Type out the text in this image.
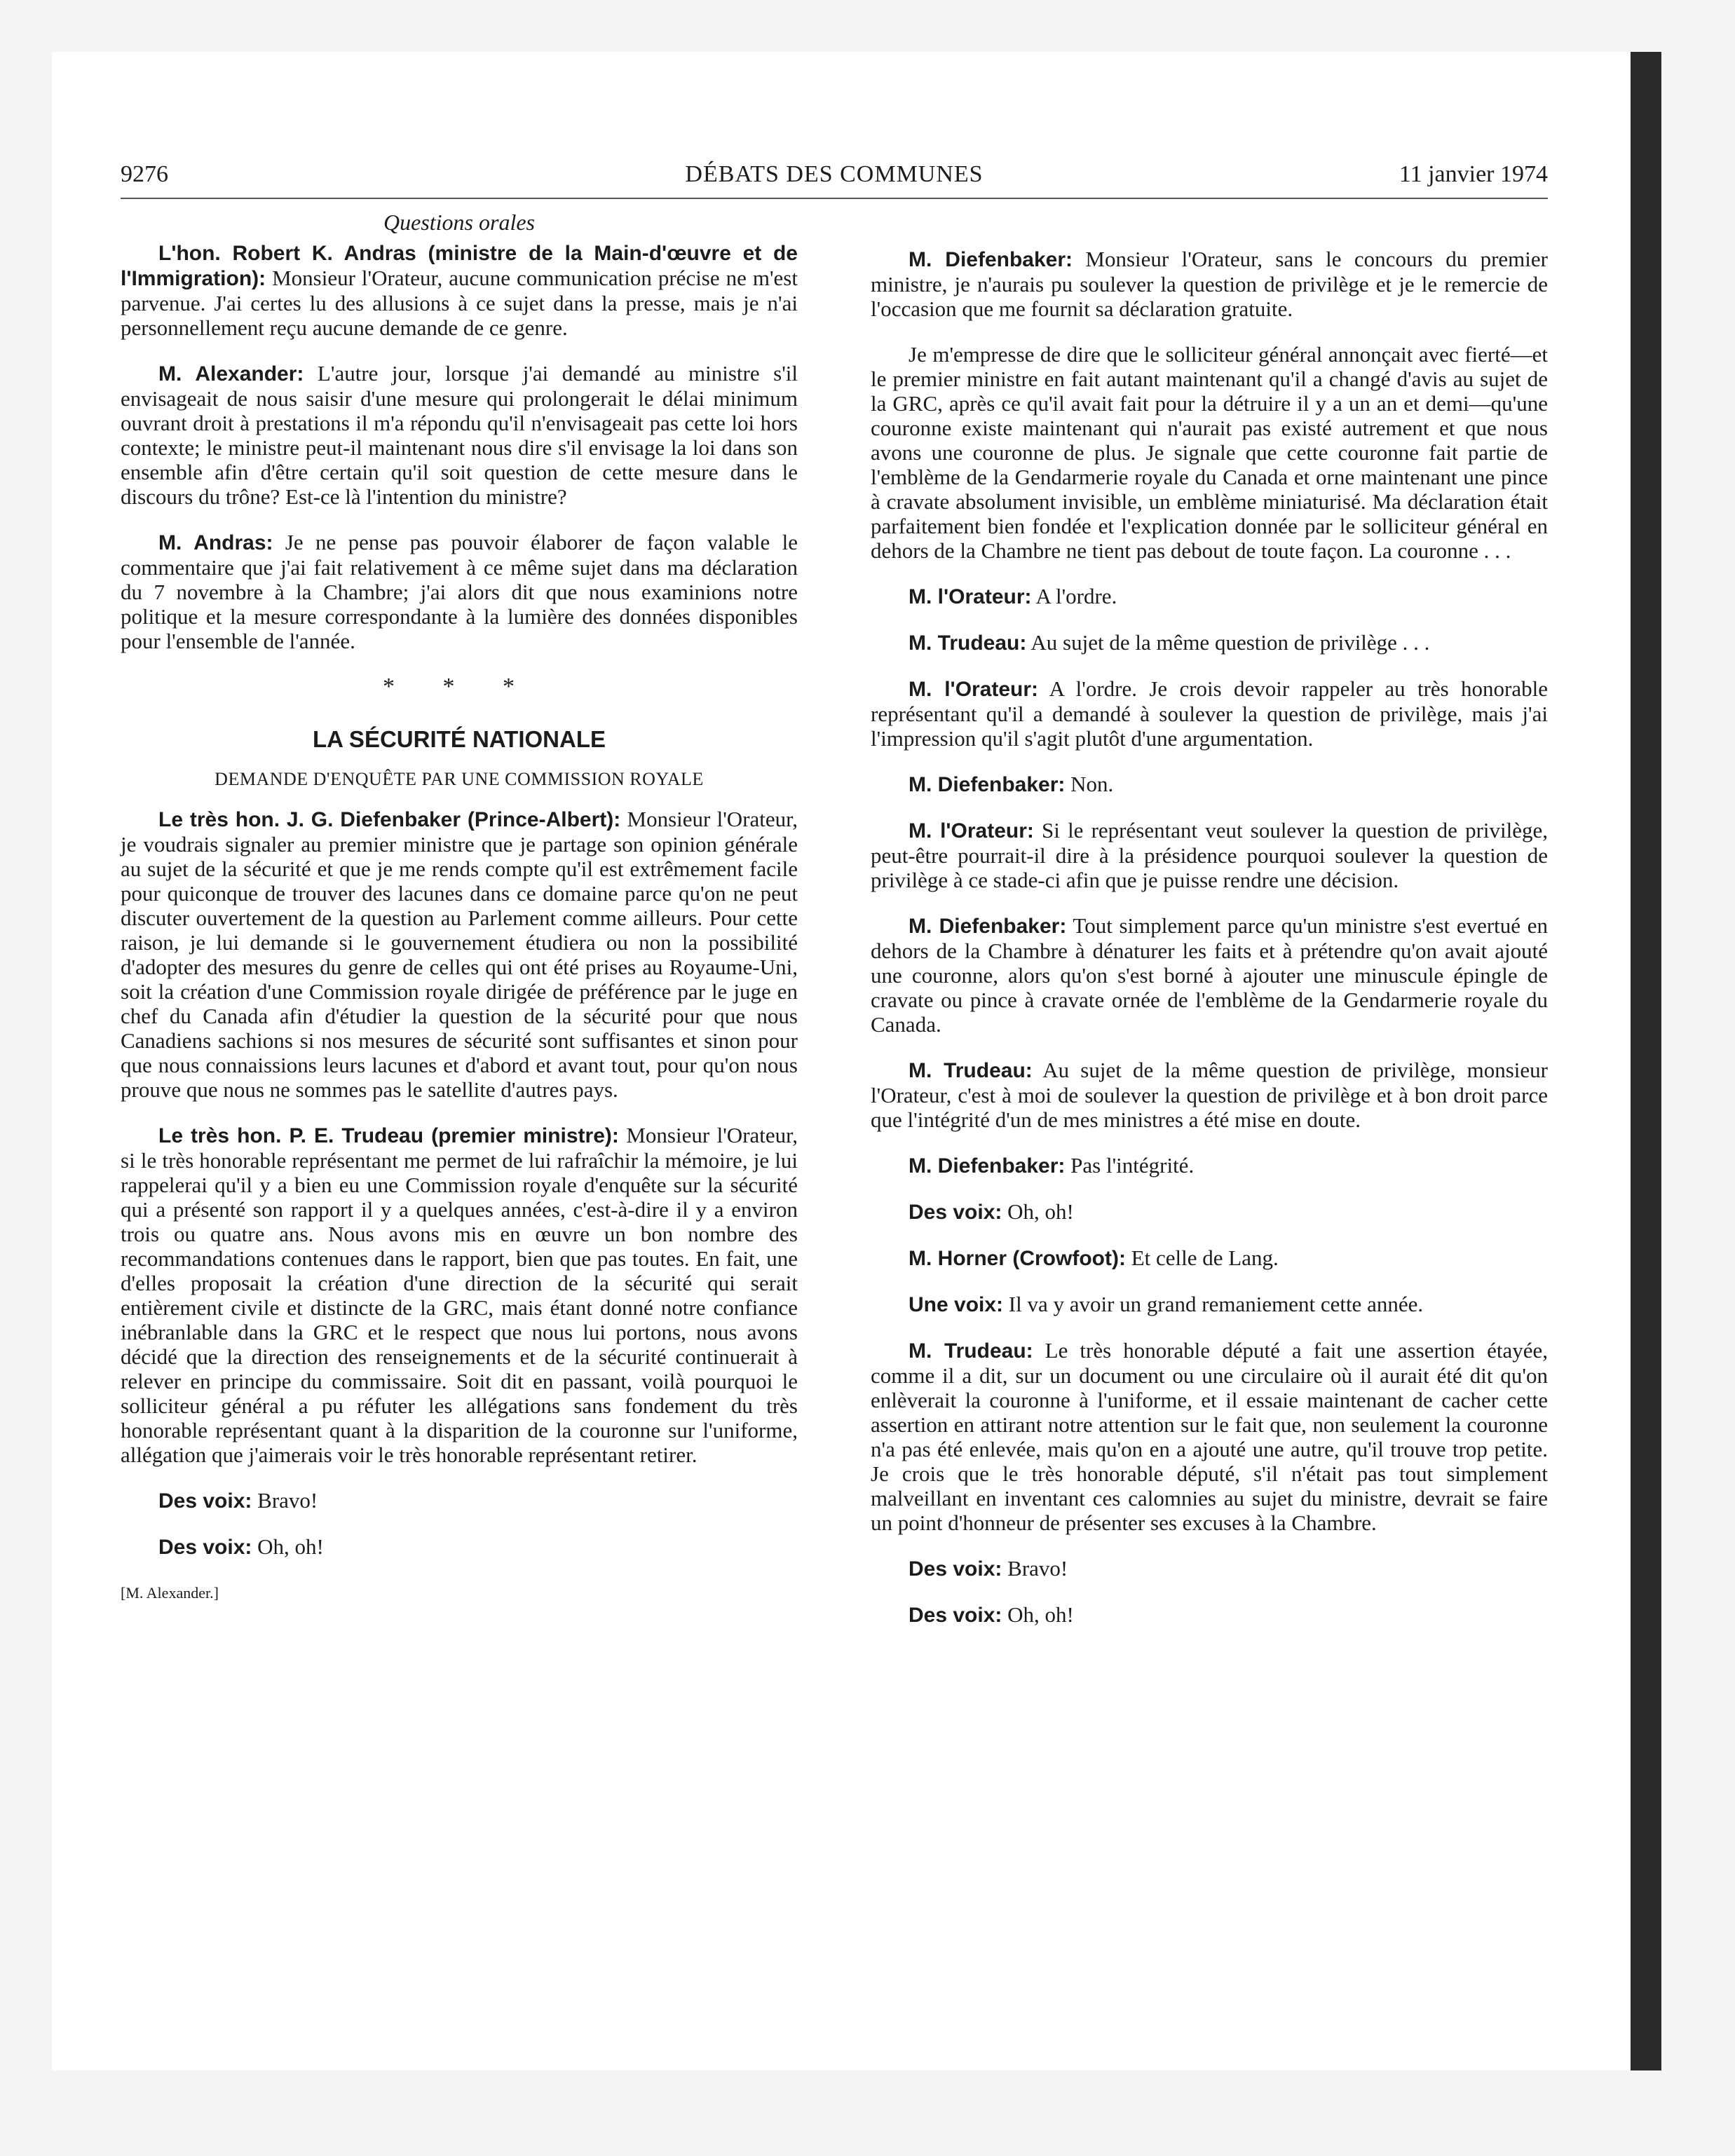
9276	DÉBATS DES COMMUNES	11 janvier 1974
Questions orales

L'hon. Robert K. Andras (ministre de la Main-d'œuvre et de l'Immigration): Monsieur l'Orateur, aucune communication précise ne m'est parvenue. J'ai certes lu des allusions à ce sujet dans la presse, mais je n'ai personnellement reçu aucune demande de ce genre.

M. Alexander: L'autre jour, lorsque j'ai demandé au ministre s'il envisageait de nous saisir d'une mesure qui prolongerait le délai minimum ouvrant droit à prestations il m'a répondu qu'il n'envisageait pas cette loi hors contexte; le ministre peut-il maintenant nous dire s'il envisage la loi dans son ensemble afin d'être certain qu'il soit question de cette mesure dans le discours du trône? Est-ce là l'intention du ministre?

M. Andras: Je ne pense pas pouvoir élaborer de façon valable le commentaire que j'ai fait relativement à ce même sujet dans ma déclaration du 7 novembre à la Chambre; j'ai alors dit que nous examinions notre politique et la mesure correspondante à la lumière des données disponibles pour l'ensemble de l'année.

* * *
LA SÉCURITÉ NATIONALE
DEMANDE D'ENQUÊTE PAR UNE COMMISSION ROYALE

Le très hon. J. G. Diefenbaker (Prince-Albert): Monsieur l'Orateur, je voudrais signaler au premier ministre que je partage son opinion générale au sujet de la sécurité et que je me rends compte qu'il est extrêmement facile pour quiconque de trouver des lacunes dans ce domaine parce qu'on ne peut discuter ouvertement de la question au Parlement comme ailleurs. Pour cette raison, je lui demande si le gouvernement étudiera ou non la possibilité d'adopter des mesures du genre de celles qui ont été prises au Royaume-Uni, soit la création d'une Commission royale dirigée de préférence par le juge en chef du Canada afin d'étudier la question de la sécurité pour que nous Canadiens sachions si nos mesures de sécurité sont suffisantes et sinon pour que nous connaissions leurs lacunes et d'abord et avant tout, pour qu'on nous prouve que nous ne sommes pas le satellite d'autres pays.

Le très hon. P. E. Trudeau (premier ministre): Monsieur l'Orateur, si le très honorable représentant me permet de lui rafraîchir la mémoire, je lui rappelerai qu'il y a bien eu une Commission royale d'enquête sur la sécurité qui a présenté son rapport il y a quelques années, c'est-à-dire il y a environ trois ou quatre ans. Nous avons mis en œuvre un bon nombre des recommandations contenues dans le rapport, bien que pas toutes. En fait, une d'elles proposait la création d'une direction de la sécurité qui serait entièrement civile et distincte de la GRC, mais étant donné notre confiance inébranlable dans la GRC et le respect que nous lui portons, nous avons décidé que la direction des renseignements et de la sécurité continuerait à relever en principe du commissaire. Soit dit en passant, voilà pourquoi le solliciteur général a pu réfuter les allégations sans fondement du très honorable représentant quant à la disparition de la couronne sur l'uniforme, allégation que j'aimerais voir le très honorable représentant retirer.

Des voix: Bravo!

Des voix: Oh, oh!

[M. Alexander.]

M. Diefenbaker: Monsieur l'Orateur, sans le concours du premier ministre, je n'aurais pu soulever la question de privilège et je le remercie de l'occasion que me fournit sa déclaration gratuite.

Je m'empresse de dire que le solliciteur général annonçait avec fierté—et le premier ministre en fait autant maintenant qu'il a changé d'avis au sujet de la GRC, après ce qu'il avait fait pour la détruire il y a un an et demi—qu'une couronne existe maintenant qui n'aurait pas existé autrement et que nous avons une couronne de plus. Je signale que cette couronne fait partie de l'emblème de la Gendarmerie royale du Canada et orne maintenant une pince à cravate absolument invisible, un emblème miniaturisé. Ma déclaration était parfaitement bien fondée et l'explication donnée par le solliciteur général en dehors de la Chambre ne tient pas debout de toute façon. La couronne . . .

M. l'Orateur: A l'ordre.

M. Trudeau: Au sujet de la même question de privilège . . .

M. l'Orateur: A l'ordre. Je crois devoir rappeler au très honorable représentant qu'il a demandé à soulever la question de privilège, mais j'ai l'impression qu'il s'agit plutôt d'une argumentation.

M. Diefenbaker: Non.

M. l'Orateur: Si le représentant veut soulever la question de privilège, peut-être pourrait-il dire à la présidence pourquoi soulever la question de privilège à ce stade-ci afin que je puisse rendre une décision.

M. Diefenbaker: Tout simplement parce qu'un ministre s'est evertué en dehors de la Chambre à dénaturer les faits et à prétendre qu'on avait ajouté une couronne, alors qu'on s'est borné à ajouter une minuscule épingle de cravate ou pince à cravate ornée de l'emblème de la Gendarmerie royale du Canada.

M. Trudeau: Au sujet de la même question de privilège, monsieur l'Orateur, c'est à moi de soulever la question de privilège et à bon droit parce que l'intégrité d'un de mes ministres a été mise en doute.

M. Diefenbaker: Pas l'intégrité.

Des voix: Oh, oh!

M. Horner (Crowfoot): Et celle de Lang.

Une voix: Il va y avoir un grand remaniement cette année.

M. Trudeau: Le très honorable député a fait une assertion étayée, comme il a dit, sur un document ou une circulaire où il aurait été dit qu'on enlèverait la couronne à l'uniforme, et il essaie maintenant de cacher cette assertion en attirant notre attention sur le fait que, non seulement la couronne n'a pas été enlevée, mais qu'on en a ajouté une autre, qu'il trouve trop petite. Je crois que le très honorable député, s'il n'était pas tout simplement malveillant en inventant ces calomnies au sujet du ministre, devrait se faire un point d'honneur de présenter ses excuses à la Chambre.

Des voix: Bravo!

Des voix: Oh, oh!
